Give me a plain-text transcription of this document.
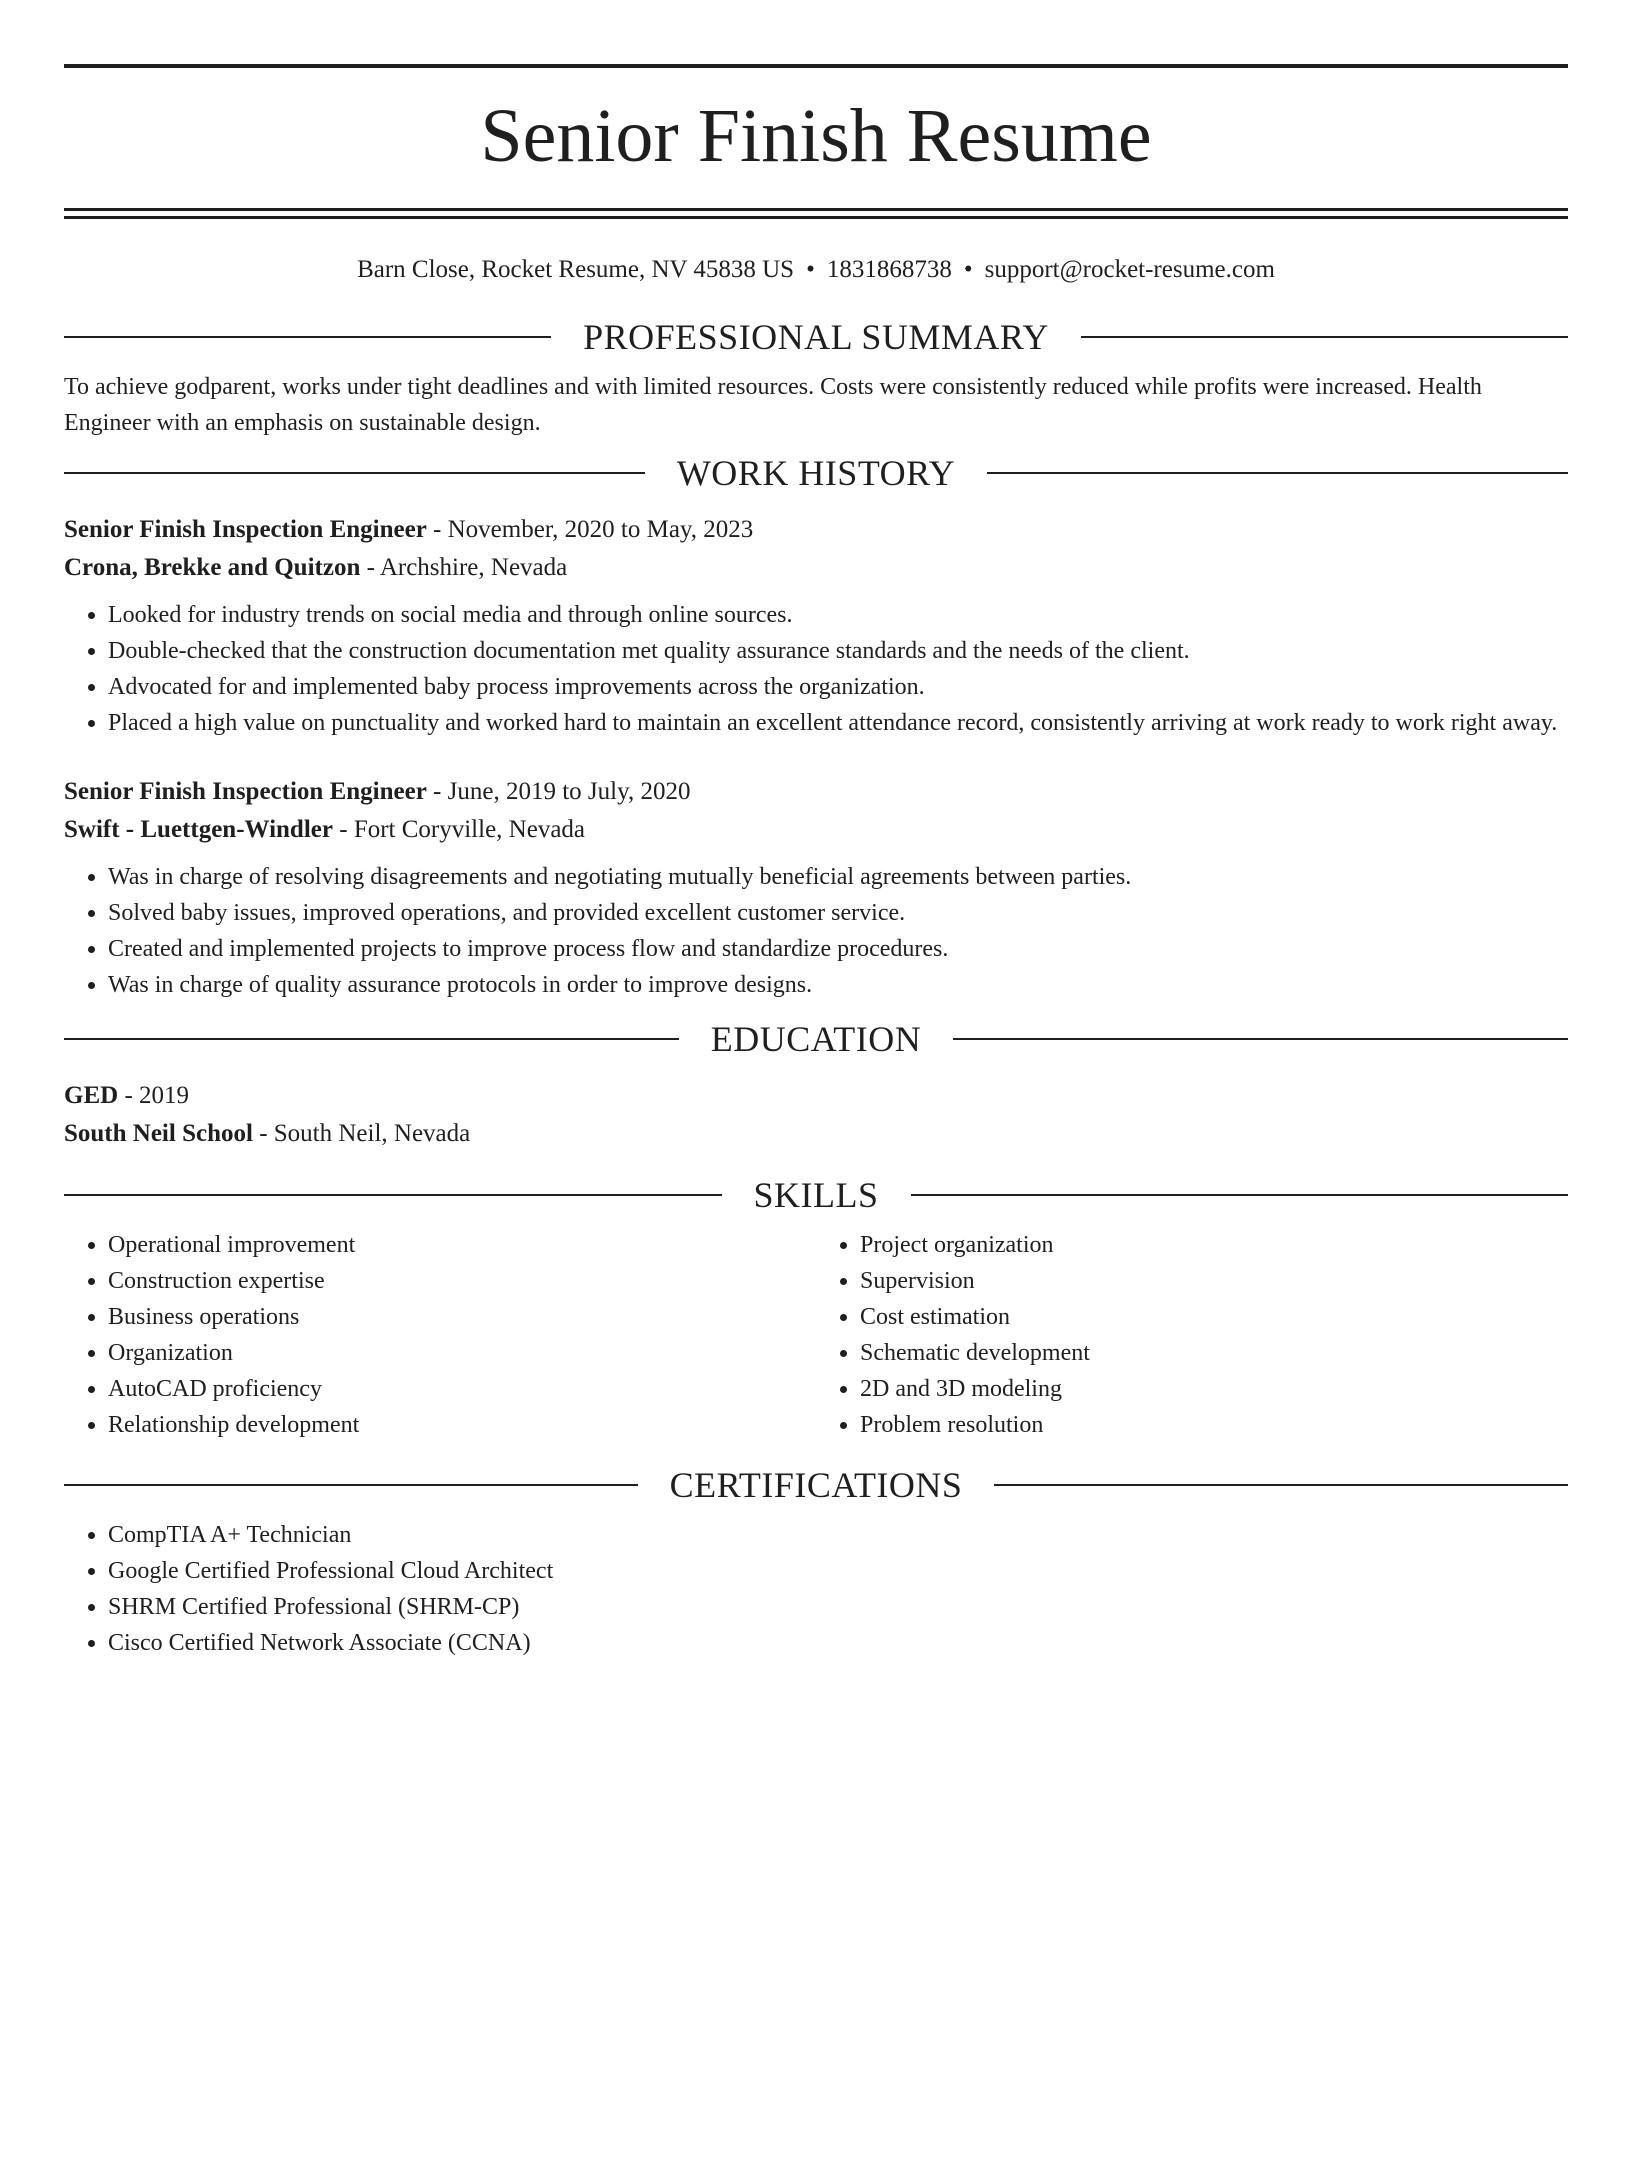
Senior Finish Resume
Barn Close, Rocket Resume, NV 45838 US • 1831868738 • support@rocket-resume.com
PROFESSIONAL SUMMARY

To achieve godparent, works under tight deadlines and with limited resources. Costs were consistently reduced while profits were increased. Health Engineer with an emphasis on sustainable design.

WORK HISTORY
Senior Finish Inspection Engineer - November, 2020 to May, 2023
Crona, Brekke and Quitzon - Archshire, Nevada
• Looked for industry trends on social media and through online sources.
• Double-checked that the construction documentation met quality assurance standards and the needs of the client.
• Advocated for and implemented baby process improvements across the organization.
• Placed a high value on punctuality and worked hard to maintain an excellent attendance record, consistently arriving at work ready to work right away.
Senior Finish Inspection Engineer - June, 2019 to July, 2020
Swift - Luettgen-Windler - Fort Coryville, Nevada
• Was in charge of resolving disagreements and negotiating mutually beneficial agreements between parties.
• Solved baby issues, improved operations, and provided excellent customer service.
• Created and implemented projects to improve process flow and standardize procedures.
• Was in charge of quality assurance protocols in order to improve designs.
EDUCATION
GED - 2019
South Neil School - South Neil, Nevada
SKILLS
• Operational improvement
• Construction expertise
• Business operations
• Organization
• AutoCAD proficiency
• Relationship development
• Project organization
• Supervision
• Cost estimation
• Schematic development
• 2D and 3D modeling
• Problem resolution
CERTIFICATIONS
• CompTIA A+ Technician
• Google Certified Professional Cloud Architect
• SHRM Certified Professional (SHRM-CP)
• Cisco Certified Network Associate (CCNA)
